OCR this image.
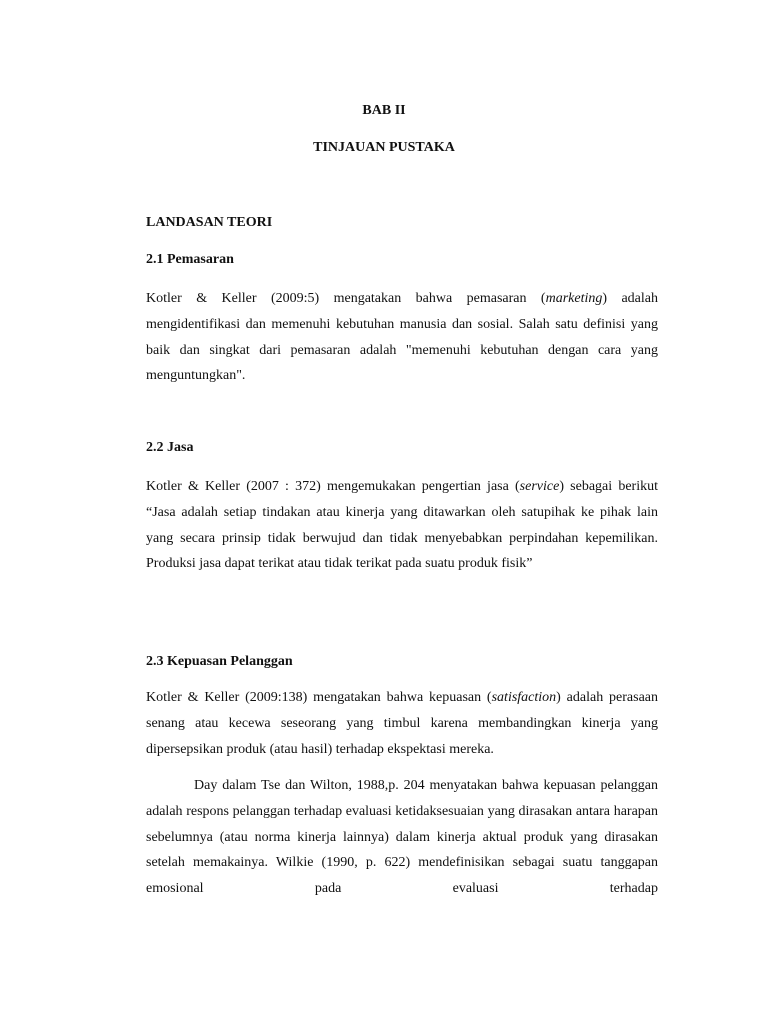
BAB II
TINJAUAN PUSTAKA
LANDASAN TEORI
2.1 Pemasaran

Kotler & Keller (2009:5) mengatakan bahwa pemasaran (marketing) adalah mengidentifikasi dan memenuhi kebutuhan manusia dan sosial. Salah satu definisi yang baik dan singkat dari pemasaran adalah "memenuhi kebutuhan dengan cara yang menguntungkan".

2.2 Jasa

Kotler & Keller (2007 : 372) mengemukakan pengertian jasa (service) sebagai berikut “Jasa adalah setiap tindakan atau kinerja yang ditawarkan oleh satupihak ke pihak lain yang secara prinsip tidak berwujud dan tidak menyebabkan perpindahan kepemilikan. Produksi jasa dapat terikat atau tidak terikat pada suatu produk fisik”

2.3 Kepuasan Pelanggan

Kotler & Keller (2009:138) mengatakan bahwa kepuasan (satisfaction) adalah perasaan senang atau kecewa seseorang yang timbul karena membandingkan kinerja yang dipersepsikan produk (atau hasil) terhadap ekspektasi mereka.

Day dalam Tse dan Wilton, 1988,p. 204 menyatakan bahwa kepuasan pelanggan adalah respons pelanggan terhadap evaluasi ketidaksesuaian yang dirasakan antara harapan sebelumnya (atau norma kinerja lainnya) dalam kinerja aktual produk yang dirasakan setelah memakainya. Wilkie (1990, p. 622) mendefinisikan sebagai suatu tanggapan emosional pada evaluasi terhadap
